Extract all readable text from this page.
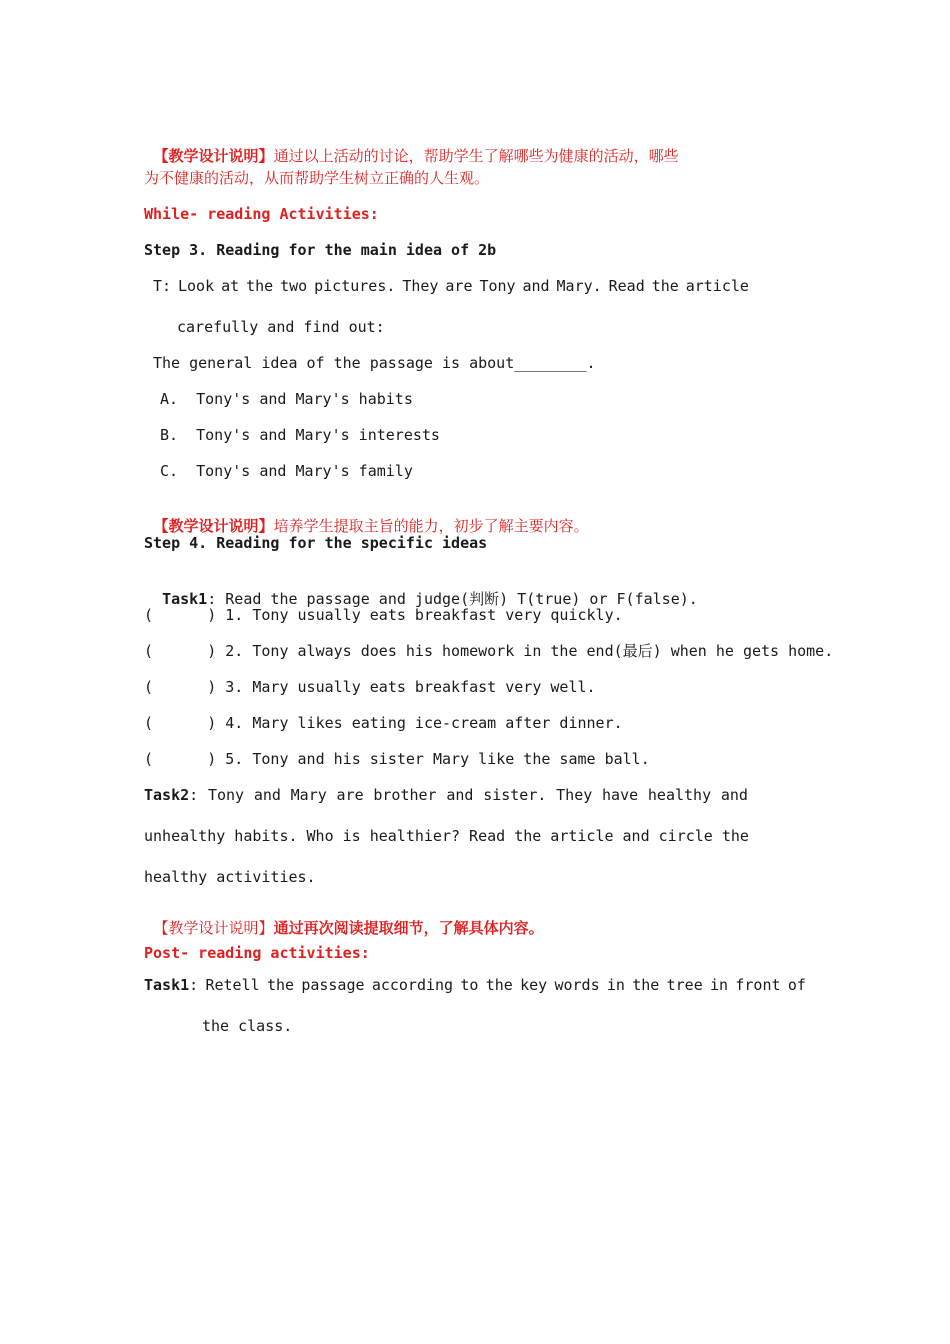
【教学设计说明】通过以上活动的讨论，帮助学生了解哪些为健康的活动，哪些

为不健康的活动，从而帮助学生树立正确的人生观。
While- reading Activities:
Step 3. Reading for the main idea of 2b
T: Look at the two pictures. They are Tony and Mary. Read the article
carefully and find out:
The general idea of the passage is about________.
A.  Tony's and Mary's habits
B.  Tony's and Mary's interests
C.  Tony's and Mary's family

【教学设计说明】培养学生提取主旨的能力，初步了解主要内容。

Step 4. Reading for the specific ideas

Task1: Read the passage and judge(判断) T(true) or F(false).

(      ) 1. Tony usually eats breakfast very quickly.
(      ) 2. Tony always does his homework in the end(最后) when he gets home.
(      ) 3. Mary usually eats breakfast very well.
(      ) 4. Mary likes eating ice-cream after dinner.
(      ) 5. Tony and his sister Mary like the same ball.
Task2 : Tony and Mary are brother and sister. They have healthy and
unhealthy habits. Who is healthier? Read the article and circle the
healthy activities.

【教学设计说明】通过再次阅读提取细节，了解具体内容。

Post- reading activities:
Task1 : Retell the passage according to the key words in the tree in front of
the class.
